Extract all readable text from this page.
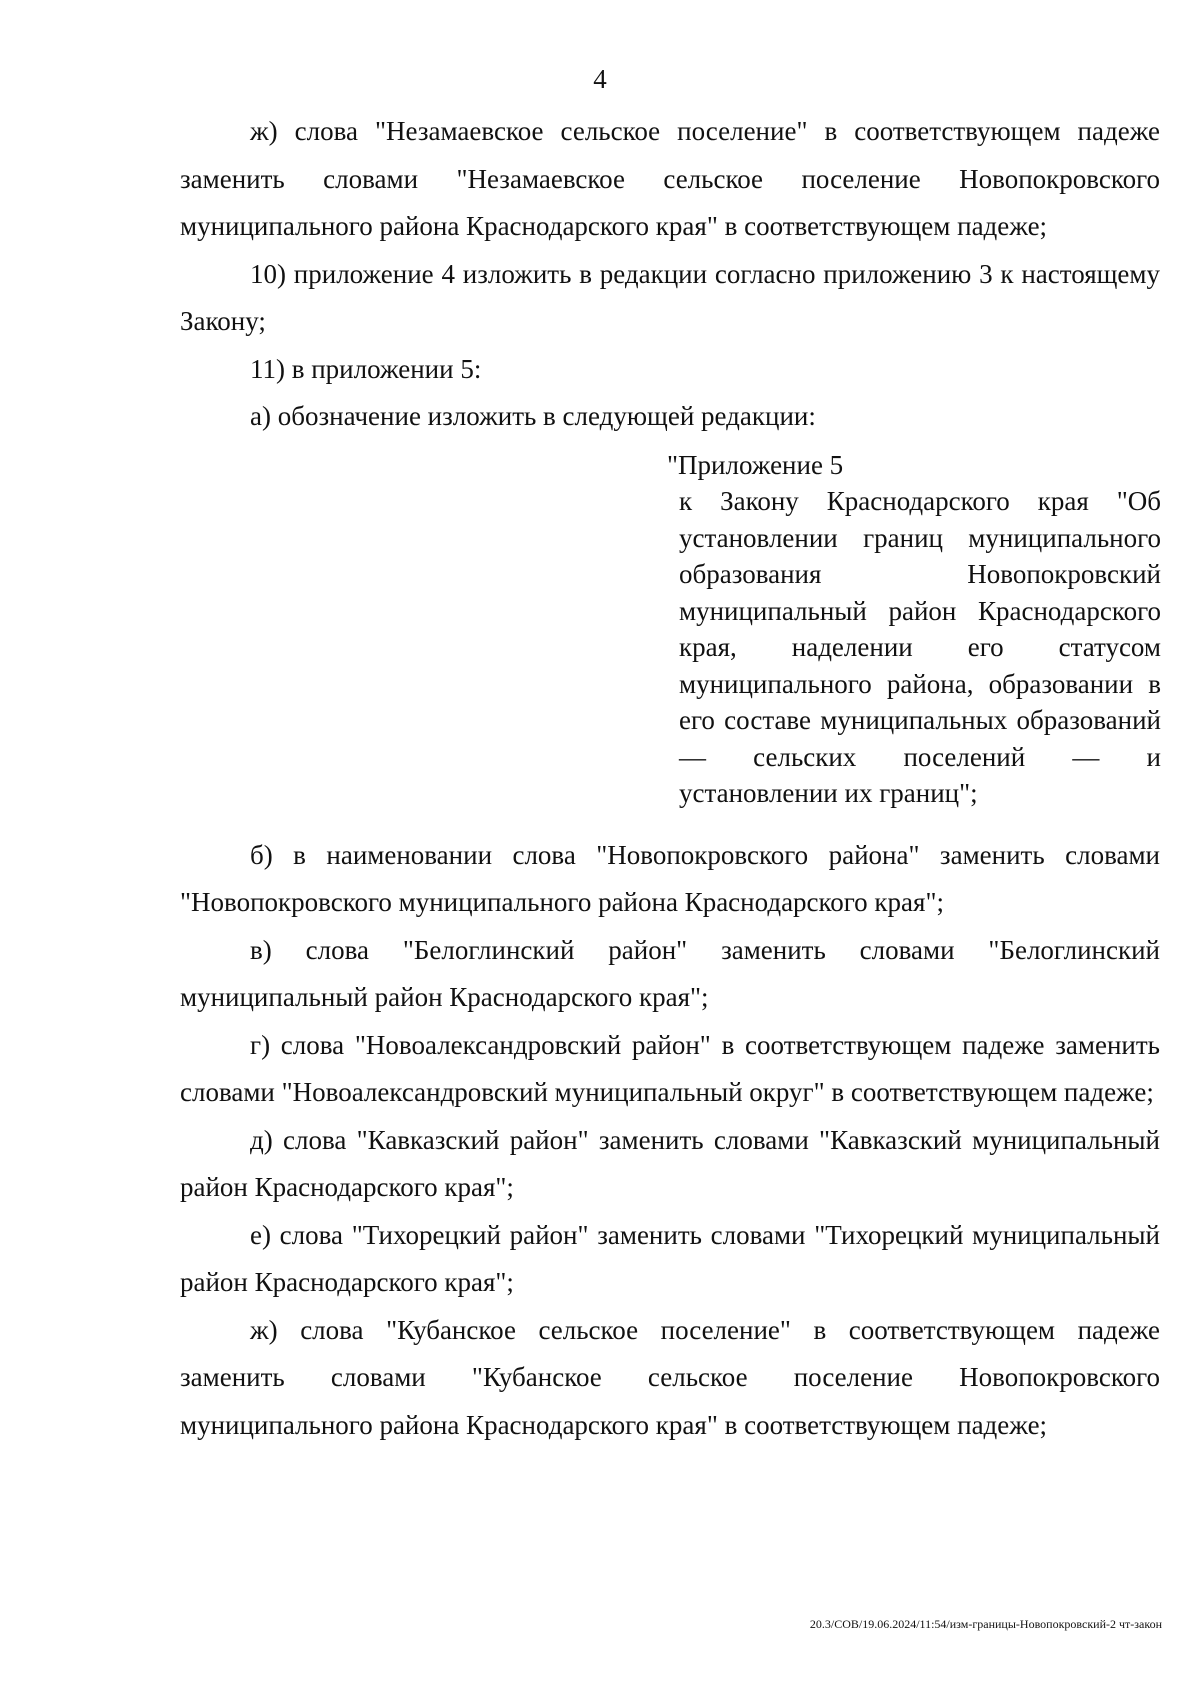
4

ж) слова "Незамаевское сельское поселение" в соответствующем падеже заменить словами "Незамаевское сельское поселение Новопокровского муниципального района Краснодарского края" в соответствующем падеже;

10) приложение 4 изложить в редакции согласно приложению 3 к настоящему Закону;

11) в приложении 5:

а) обозначение изложить в следующей редакции:

"Приложение 5

к Закону Краснодарского края "Об установлении границ муниципального образования Новопокровский муниципальный район Краснодарского края, наделении его статусом муниципального района, образовании в его составе муниципальных образований — сельских поселений — и установлении их границ";

б) в наименовании слова "Новопокровского района" заменить словами "Новопокровского муниципального района Краснодарского края";

в) слова "Белоглинский район" заменить словами "Белоглинский муниципальный район Краснодарского края";

г) слова "Новоалександровский район" в соответствующем падеже заменить словами "Новоалександровский муниципальный округ" в соответствующем падеже;

д) слова "Кавказский район" заменить словами "Кавказский муниципальный район Краснодарского края";

е) слова "Тихорецкий район" заменить словами "Тихорецкий муниципальный район Краснодарского края";

ж) слова "Кубанское сельское поселение" в соответствующем падеже заменить словами "Кубанское сельское поселение Новопокровского муниципального района Краснодарского края" в соответствующем падеже;

20.3/СОВ/19.06.2024/11:54/изм-границы-Новопокровский-2 чт-закон
